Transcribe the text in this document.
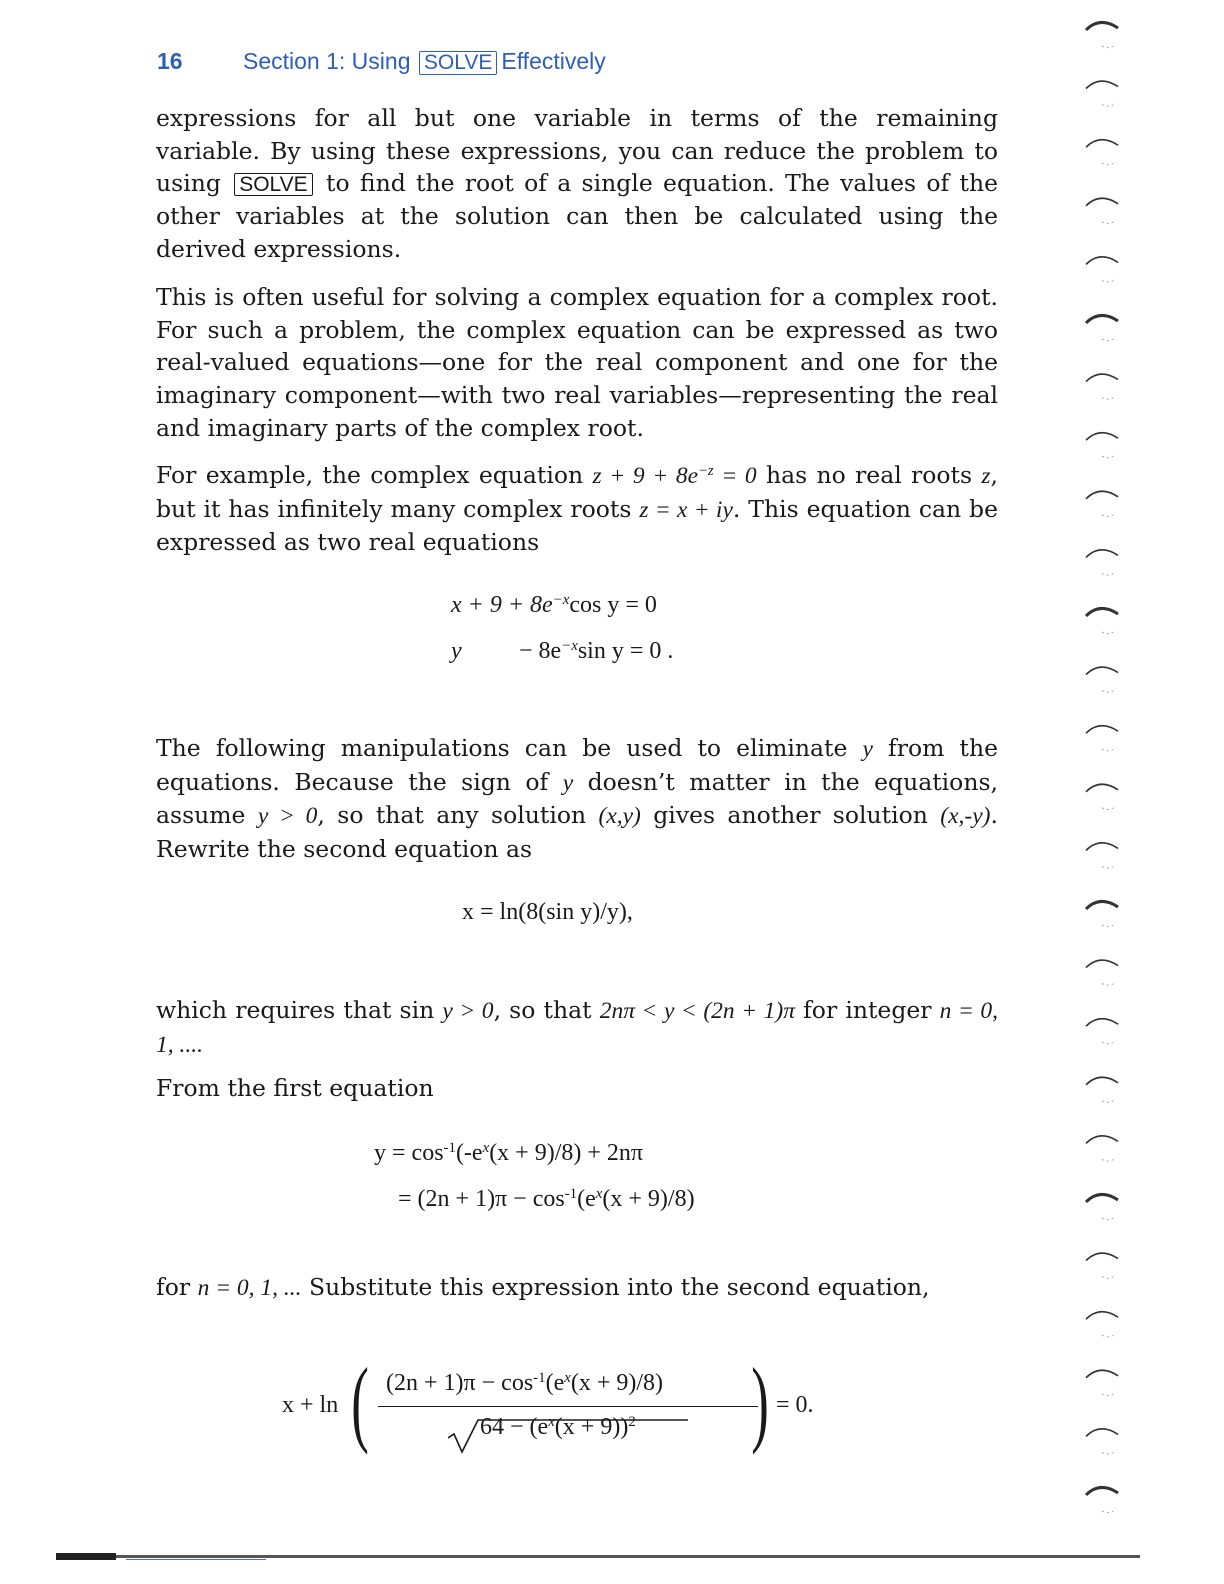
16	Section 1: Using SOLVE Effectively
expressions for all but one variable in terms of the remaining variable. By using these expressions, you can reduce the problem to using SOLVE to find the root of a single equation. The values of the other variables at the solution can then be calculated using the derived expressions.
This is often useful for solving a complex equation for a complex root. For such a problem, the complex equation can be expressed as two real-valued equations—one for the real component and one for the imaginary component—with two real variables—representing the real and imaginary parts of the complex root.
For example, the complex equation $z + 9 + 8e^{-z} = 0$ has no real roots z, but it has infinitely many complex roots z = x + iy. This equation can be expressed as two real equations
$x + 9 + 8e^{-x}\cos$ y = 0
$y - 8e^{-x}\sin$ y = 0 .
The following manipulations can be used to eliminate y from the equations. Because the sign of y doesn’t matter in the equations, assume y > 0, so that any solution (x,y) gives another solution (x,-y). Rewrite the second equation as
x = ln(8(sin y)/y),
which requires that sin y > 0, so that 2nπ < y < (2n + 1)π for integer n = 0, 1, ....
From the first equation
$y = \cos^{-1}(-e^x(x + 9)/8) + 2n\pi$
= $(2n + 1)\pi - \cos^{-1}(e^x(x + 9)/8)$
for n = 0, 1, ... Substitute this expression into the second equation,
x + ln ( $(2n + 1)\pi - \cos^{-1}(e^x(x + 9)/8)$
$64 - (e^x(x + 9))^2$ ) = 0.
